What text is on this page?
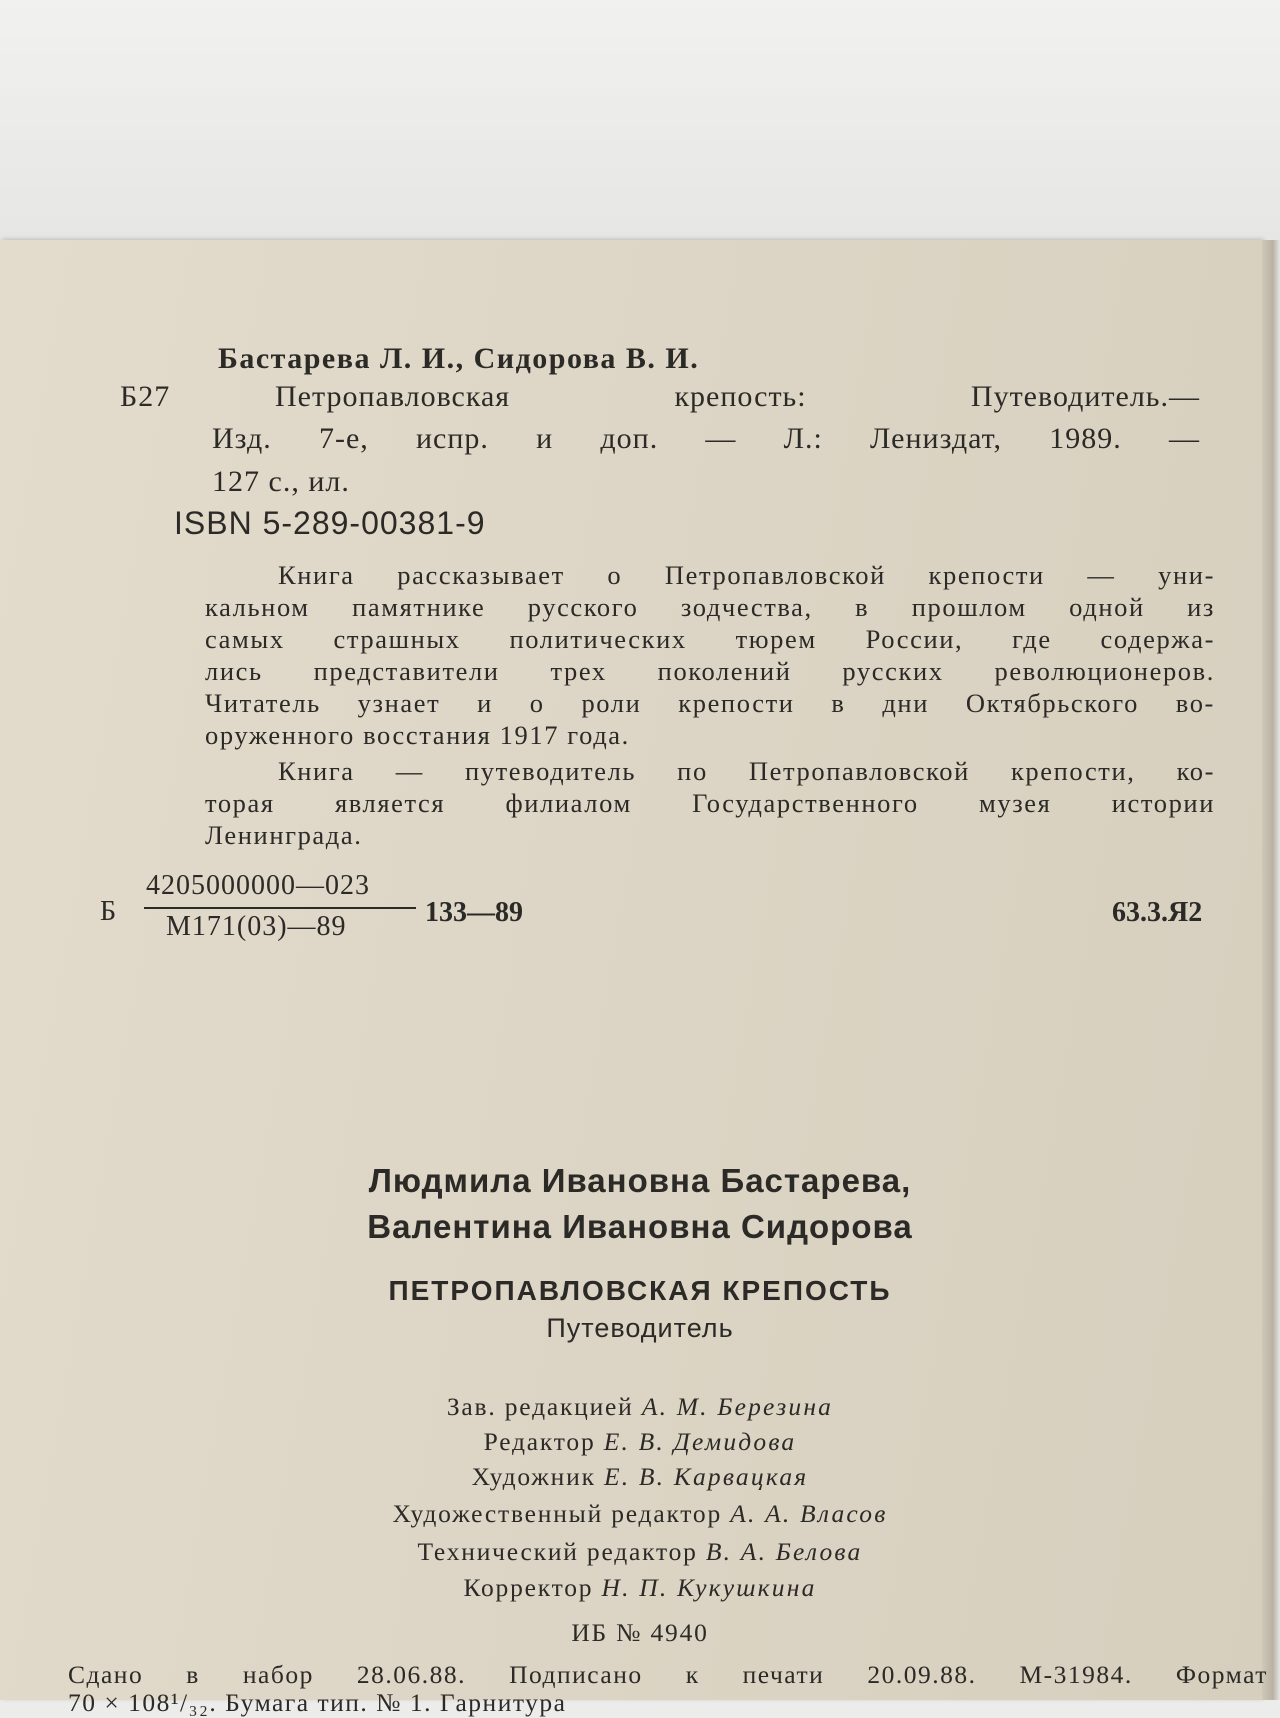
Бастарева Л. И., Сидорова В. И.
Б27	Петропавловская	крепость:	Путеводитель.—
Изд. 7-е, испр. и доп. — Л.: Лениздат, 1989. —
127 с., ил.
ISBN 5-289-00381-9
Книга рассказывает о Петропавловской крепости — уни-
кальном памятнике русского зодчества, в прошлом одной из
самых страшных политических тюрем России, где содержа-
лись представители трех поколений русских революционеров.
Читатель узнает и о роли крепости в дни Октябрьского во-
оруженного восстания 1917 года.
Книга — путеводитель по Петропавловской крепости, ко-
торая является филиалом Государственного музея истории
Ленинграда.
Б
4205000000—023
М171(03)—89	133—89	63.3.Я2
Людмила Ивановна Бастарева,
Валентина Ивановна Сидорова
ПЕТРОПАВЛОВСКАЯ КРЕПОСТЬ
Путеводитель
Зав. редакцией А. М. Березина
Редактор Е. В. Демидова
Художник Е. В. Карвацкая
Художественный редактор А. А. Власов
Технический редактор В. А. Белова
Корректор Н. П. Кукушкина
ИБ № 4940
Сдано в набор 28.06.88. Подписано к печати 20.09.88. М-31984. Формат
70 × 108¹/₃₂. Бумага тип. № 1. Гарнитура
